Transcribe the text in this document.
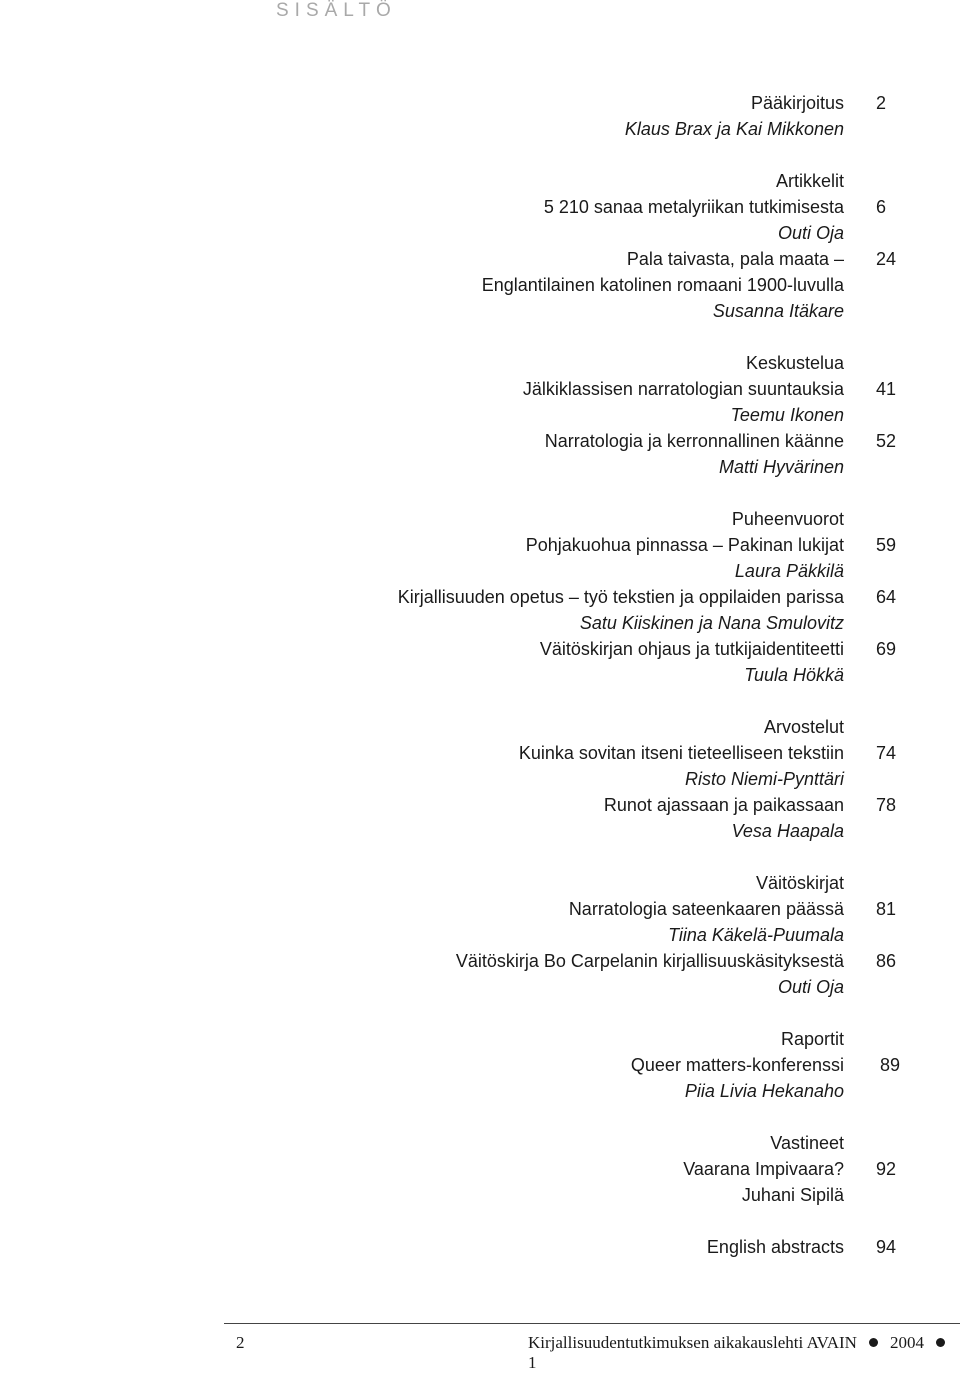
SISÄLTÖ
Pääkirjoitus 2
Klaus Brax ja Kai Mikkonen
Artikkelit
5 210 sanaa metalyriikan tutkimisesta 6
Outi Oja
Pala taivasta, pala maata – 24
Englantilainen katolinen romaani 1900-luvulla
Susanna Itäkare
Keskustelua
Jälkiklassisen narratologian suuntauksia 41
Teemu Ikonen
Narratologia ja kerronnallinen käänne 52
Matti Hyvärinen
Puheenvuorot
Pohjakuohua pinnassa – Pakinan lukijat 59
Laura Päkkilä
Kirjallisuuden opetus – työ tekstien ja oppilaiden parissa 64
Satu Kiiskinen ja Nana Smulovitz
Väitöskirjan ohjaus ja tutkijaidentiteetti 69
Tuula Hökkä
Arvostelut
Kuinka sovitan itseni tieteelliseen tekstiin 74
Risto Niemi-Pynttäri
Runot ajassaan ja paikassaan 78
Vesa Haapala
Väitöskirjat
Narratologia sateenkaaren päässä 81
Tiina Käkelä-Puumala
Väitöskirja Bo Carpelanin kirjallisuuskäsityksestä 86
Outi Oja
Raportit
Queer matters-konferenssi 89
Piia Livia Hekanaho
Vastineet
Vaarana Impivaara? 92
Juhani Sipilä
English abstracts 94
2	Kirjallisuudentutkimuksen aikakauslehti AVAIN 20041
